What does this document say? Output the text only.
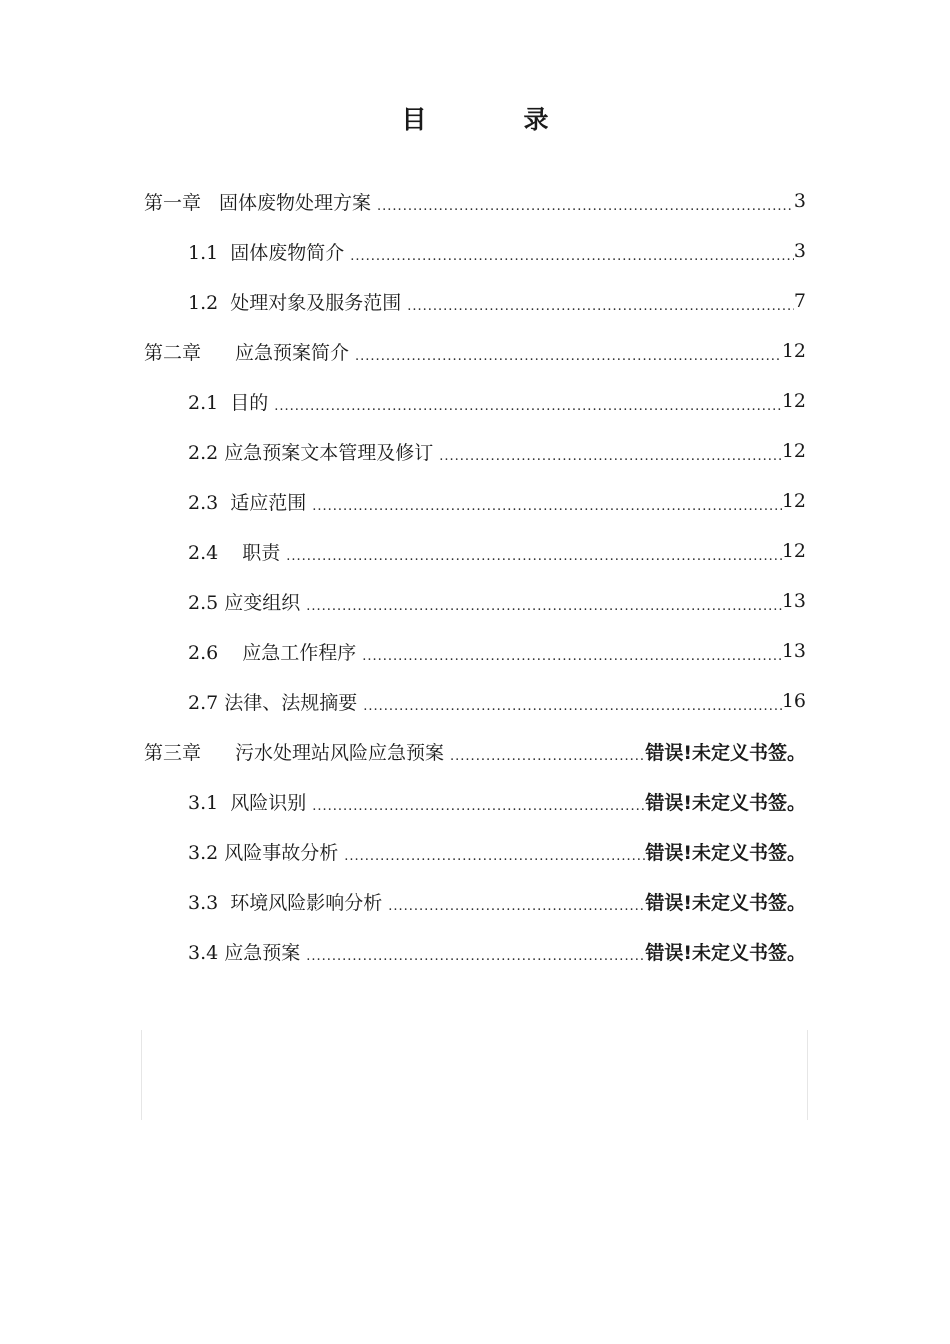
目　录
第一章 固体废物处理方案 .....	3
1.1 固体废物简介 .....	3
1.2 处理对象及服务范围 .....	7
第二章 应急预案简介 .....	12
2.1 目的 .....	12
2.2 应急预案文本管理及修订 .....	12
2.3 适应范围 .....	12
2.4 职责 .....	12
2.5 应变组织 .....	13
2.6 应急工作程序 .....	13
2.7 法律、法规摘要 .....	16
第三章 污水处理站风险应急预案 .....	错误!未定义书签。
3.1 风险识别 .....	错误!未定义书签。
3.2 风险事故分析 .....	错误!未定义书签。
3.3 环境风险影响分析 .....	错误!未定义书签。
3.4 应急预案 .....	错误!未定义书签。
